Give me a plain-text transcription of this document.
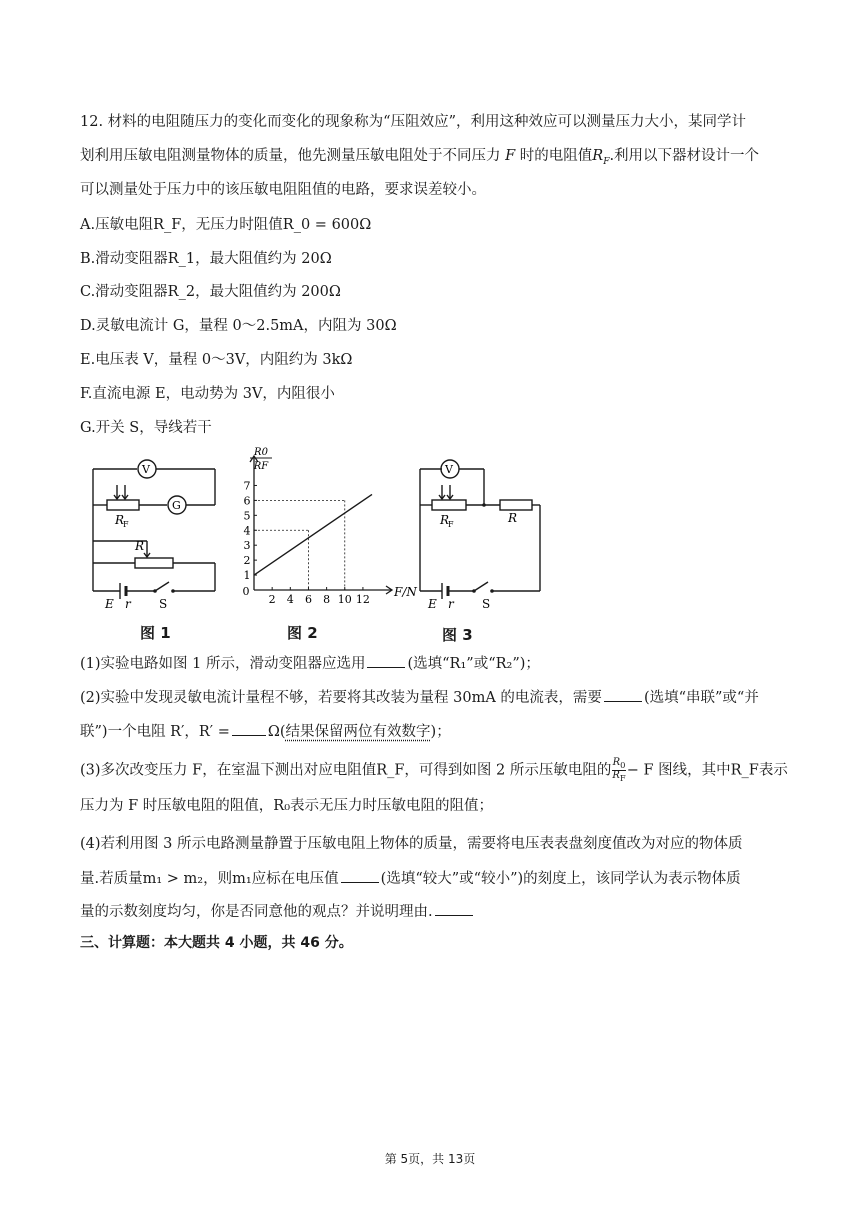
12. 材料的电阻随压力的变化而变化的现象称为“压阻效应”，利用这种效应可以测量压力大小，某同学计
划利用压敏电阻测量物体的质量，他先测量压敏电阻处于不同压力 F 时的电阻值$R_F$.利用以下器材设计一个
可以测量处于压力中的该压敏电阻阻值的电路，要求误差较小。
A.压敏电阻R_F，无压力时阻值R_0 = 600Ω
B.滑动变阻器R_1，最大阻值约为 20Ω
C.滑动变阻器R_2，最大阻值约为 200Ω
D.灵敏电流计 G，量程 0～2.5mA，内阻为 30Ω
E.电压表 V，量程 0～3V，内阻约为 3kΩ
F.直流电源 E，电动势为 3V，内阻很小
G.开关 S，导线若干
V
G
R
F
R
E r S
图 1
0
2 4 6 8 10 12
1
2
3
4
5
6
7
F/N
R0
RF
图 2
V
R
F	R
E r S
图 3
(1)实验电路如图 1 所示，滑动变阻器应选用	(选填“R₁”或“R₂”)；
(2)实验中发现灵敏电流计量程不够，若要将其改装为量程 30mA 的电流表，需要	(选填“串联”或“并
联”)一个电阻 R′，R′ =	Ω(结果保留两位有效数字)；
(3)多次改变压力 F，在室温下测出对应电阻值R_F，可得到如图 2 所示压敏电阻的 $\frac{R_0}{R_F} - F$ 图线，其中R_F表示
压力为 F 时压敏电阻的阻值，R₀表示无压力时压敏电阻的阻值；
(4)若利用图 3 所示电路测量静置于压敏电阻上物体的质量，需要将电压表表盘刻度值改为对应的物体质
量.若质量m₁ > m₂，则m₁应标在电压值	(选填“较大”或“较小”)的刻度上，该同学认为表示物体质
量的示数刻度均匀，你是否同意他的观点？并说明理由.
三、计算题：本大题共 4 小题，共 46 分。
第 5页，共 13页
